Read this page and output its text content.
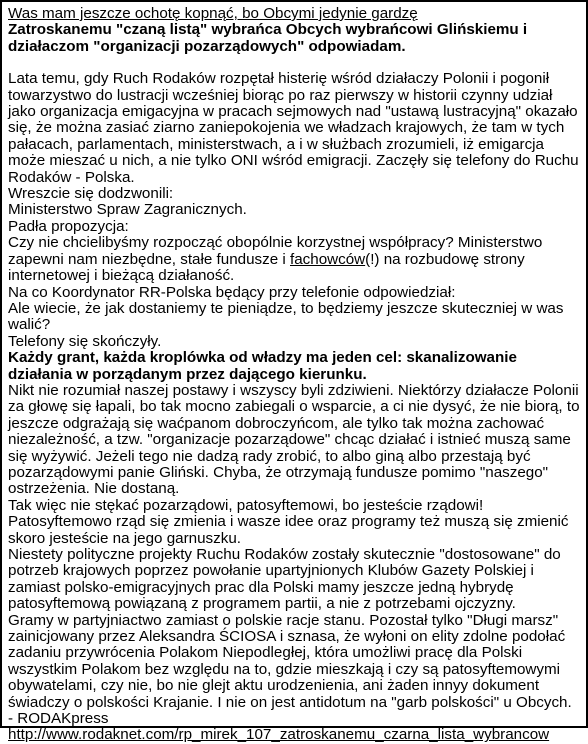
Was mam jeszcze ochotę kopnąć, bo Obcymi jedynie gardzę

Zatroskanemu "czaną listą" wybrańca Obcych wybrańcowi Glińskiemu i działaczom "organizacji pozarządowych" odpowiadam.

Lata temu, gdy Ruch Rodaków rozpętał histerię wśród działaczy Polonii i pogonił towarzystwo do lustracji wcześniej biorąc po raz pierwszy w historii czynny udział jako organizacja emigacyjna w pracach sejmowych nad "ustawą lustracyjną" okazało się, że można zasiać ziarno zaniepokojenia we władzach krajowych, że tam w tych pałacach, parlamentach, ministerstwach, a i w służbach zrozumieli, iż emigarcja może mieszać u nich, a nie tylko ONI wśród emigracji. Zaczęły się telefony do Ruchu Rodaków - Polska.

Wreszcie się dodzwonili:

Ministerstwo Spraw Zagranicznych.

Padła propozycja:

Czy nie chcielibyśmy rozpocząć obopólnie korzystnej współpracy? Ministerstwo zapewni nam niezbędne, stałe fundusze i fachowców(!) na rozbudowę strony internetowej i bieżącą działaność.

Na co Koordynator RR-Polska będący przy telefonie odpowiedział:

Ale wiecie, że jak dostaniemy te pieniądze, to będziemy jeszcze skuteczniej w was walić?

Telefony się skończyły.

Każdy grant, każda kroplówka od władzy ma jeden cel: skanalizowanie działania w porządanym przez dającego kierunku.

Nikt nie rozumiał naszej postawy i wszyscy byli zdziwieni. Niektórzy działacze Polonii za głowę się łapali, bo tak mocno zabiegali o wsparcie, a ci nie dysyć, że nie biorą, to jeszcze odgrażają się waćpanom dobroczyńcom, ale tylko tak można zachować niezależność, a tzw. "organizacje pozarządowe" chcąc działać i istnieć muszą same się wyżywić. Jeżeli tego nie dadzą rady zrobić, to albo giną albo przestają być pozarządowymi panie Gliński. Chyba, że otrzymają fundusze pomimo "naszego" ostrzeżenia. Nie dostaną.

Tak więc nie stękać pozarządowi, patosyftemowi, bo jesteście rządowi!

Patosyftemowo rząd się zmienia i wasze idee oraz programy też muszą się zmienić skoro jesteście na jego garnuszku.

Niestety polityczne projekty Ruchu Rodaków zostały skutecznie "dostosowane" do potrzeb krajowych poprzez powołanie upartyjnionych Klubów Gazety Polskiej i zamiast polsko-emigracyjnych prac dla Polski mamy jeszcze jedną hybrydę patosyftemową powiązaną z programem partii, a nie z potrzebami ojczyzny.

Gramy w partyjniactwo zamiast o polskie racje stanu. Pozostał tylko "Długi marsz" zainicjowany przez Aleksandra ŚCIOSA i sznasa, że wyłoni on elity zdolne podołać zadaniu przywrócenia Polakom Niepodległej, która umożliwi pracę dla Polski wszystkim Polakom bez względu na to, gdzie mieszkają i czy są patosyftemowymi obywatelami, czy nie, bo nie glejt aktu urodzenienia, ani żaden innyy dokument świadczy o polskości Krajanie. I nie on jest antidotum na "garb polskości" u Obcych. - RODAKpress

http://www.rodaknet.com/rp_mirek_107_zatroskanemu_czarna_lista_wybrancow
